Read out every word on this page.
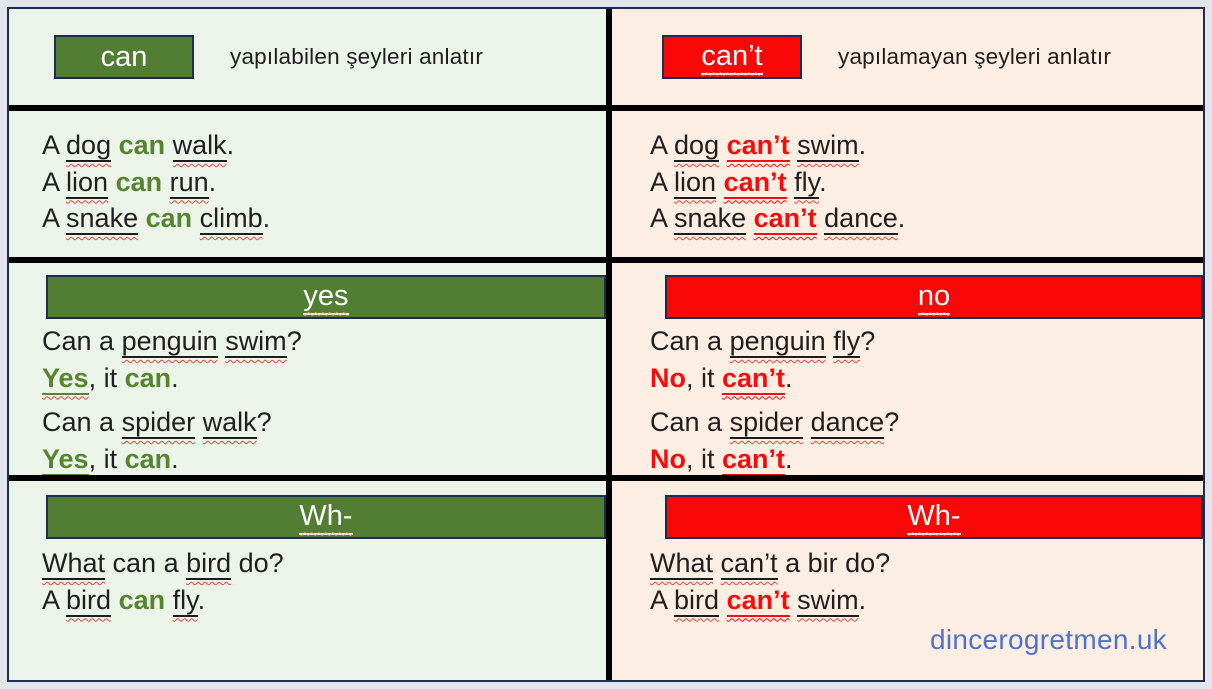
can	yapılabilen şeyleri anlatır	can’t	yapılamayan şeyleri anlatır
A dog can walk.
A lion can run.
A snake can climb.
A dog can’t swim.
A lion can’t fly.
A snake can’t dance.
yes
Can a penguin swim?
Yes, it can.
Can a spider walk?
Yes, it can.
no
Can a penguin fly?
No, it can’t.
Can a spider dance?
No, it can’t.
Wh-
What can a bird do?
A bird can fly.
Wh-
What can’t a bir do?
A bird can’t swim.
dincerogretmen.uk
